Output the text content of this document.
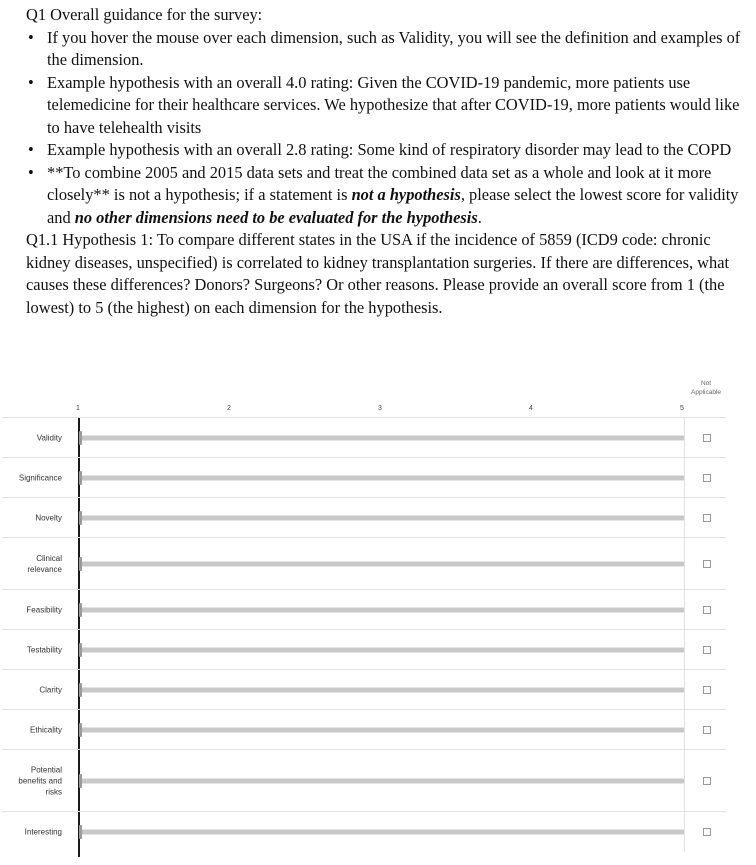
Q1 Overall guidance for the survey:

• If you hover the mouse over each dimension, such as Validity, you will see the definition and examples of the dimension.
• Example hypothesis with an overall 4.0 rating: Given the COVID-19 pandemic, more patients use telemedicine for their healthcare services. We hypothesize that after COVID-19, more patients would like to have telehealth visits
• Example hypothesis with an overall 2.8 rating: Some kind of respiratory disorder may lead to the COPD
• **To combine 2005 and 2015 data sets and treat the combined data set as a whole and look at it more closely** is not a hypothesis; if a statement is not a hypothesis, please select the lowest score for validity and no other dimensions need to be evaluated for the hypothesis.

Q1.1 Hypothesis 1: To compare different states in the USA if the incidence of 5859 (ICD9 code: chronic kidney diseases, unspecified) is correlated to kidney transplantation surgeries. If there are differences, what causes these differences? Donors? Surgeons? Or other reasons. Please provide an overall score from 1 (the lowest) to 5 (the highest) on each dimension for the hypothesis.

Not Applicable
1	2	3	4	5
Validity
Significance
Novelty
Clinical relevance
Feasibility
Testability
Clarity
Ethicality
Potential benefits and risks
Interesting
